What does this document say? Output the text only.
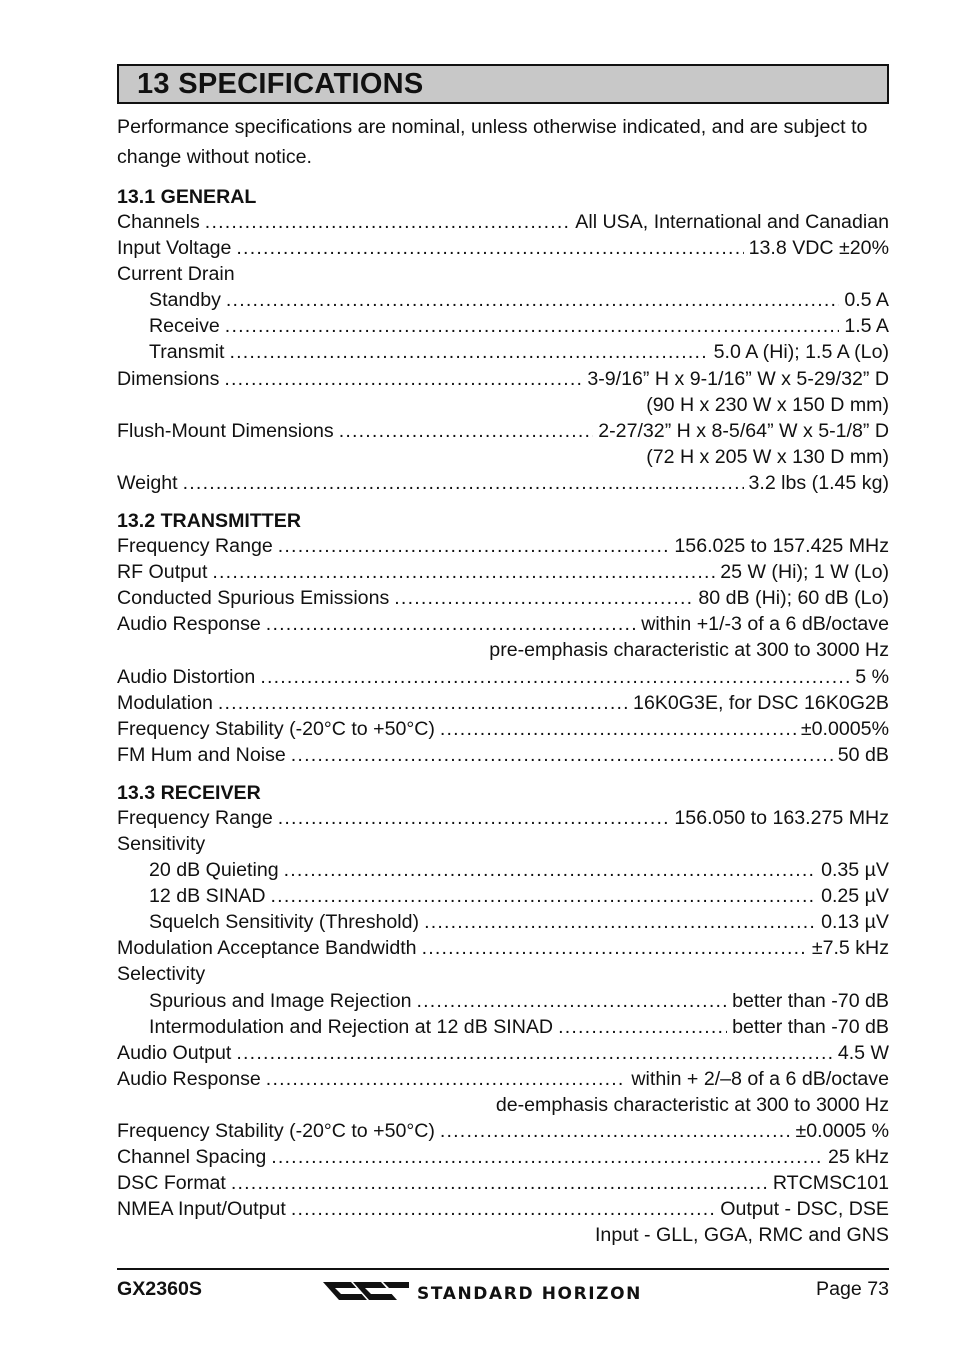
13 SPECIFICATIONS
Performance specifications are nominal, unless otherwise indicated, and are subject to change without notice.
13.1 GENERAL
Channels .....	All USA, International and Canadian
Input Voltage .....	13.8 VDC ±20%
Current Drain
Standby .....	0.5 A
Receive .....	1.5 A
Transmit .....	5.0 A (Hi); 1.5 A (Lo)
Dimensions .....	3-9/16” H x 9-1/16” W x 5-29/32” D
(90 H x 230 W x 150 D mm)
Flush-Mount Dimensions .....	2-27/32” H x 8-5/64” W x 5-1/8” D
(72 H x 205 W x 130 D mm)
Weight .....	3.2 lbs (1.45 kg)
13.2 TRANSMITTER
Frequency Range .....	156.025 to 157.425 MHz
RF Output .....	25 W (Hi); 1 W (Lo)
Conducted Spurious Emissions .....	80 dB (Hi); 60 dB (Lo)
Audio Response .....	within +1/-3 of a 6 dB/octave
pre-emphasis characteristic at 300 to 3000 Hz
Audio Distortion .....	5 %
Modulation .....	16K0G3E, for DSC 16K0G2B
Frequency Stability (-20°C to +50°C) .....	±0.0005%
FM Hum and Noise .....	50 dB
13.3 RECEIVER
Frequency Range .....	156.050 to 163.275 MHz
Sensitivity
20 dB Quieting .....	0.35 µV
12 dB SINAD .....	0.25 µV
Squelch Sensitivity (Threshold) .....	0.13 µV
Modulation Acceptance Bandwidth .....	±7.5 kHz
Selectivity
Spurious and Image Rejection .....	better than -70 dB
Intermodulation and Rejection at 12 dB SINAD .....	better than -70 dB
Audio Output .....	4.5 W
Audio Response .....	within + 2/–8 of a 6 dB/octave
de-emphasis characteristic at 300 to 3000 Hz
Frequency Stability (-20°C to +50°C) .....	±0.0005 %
Channel Spacing .....	25 kHz
DSC Format .....	RTCMSC101
NMEA Input/Output .....	Output - DSC, DSE
Input - GLL, GGA, RMC and GNS
GX2360S	STANDARD HORIZON	Page 73
